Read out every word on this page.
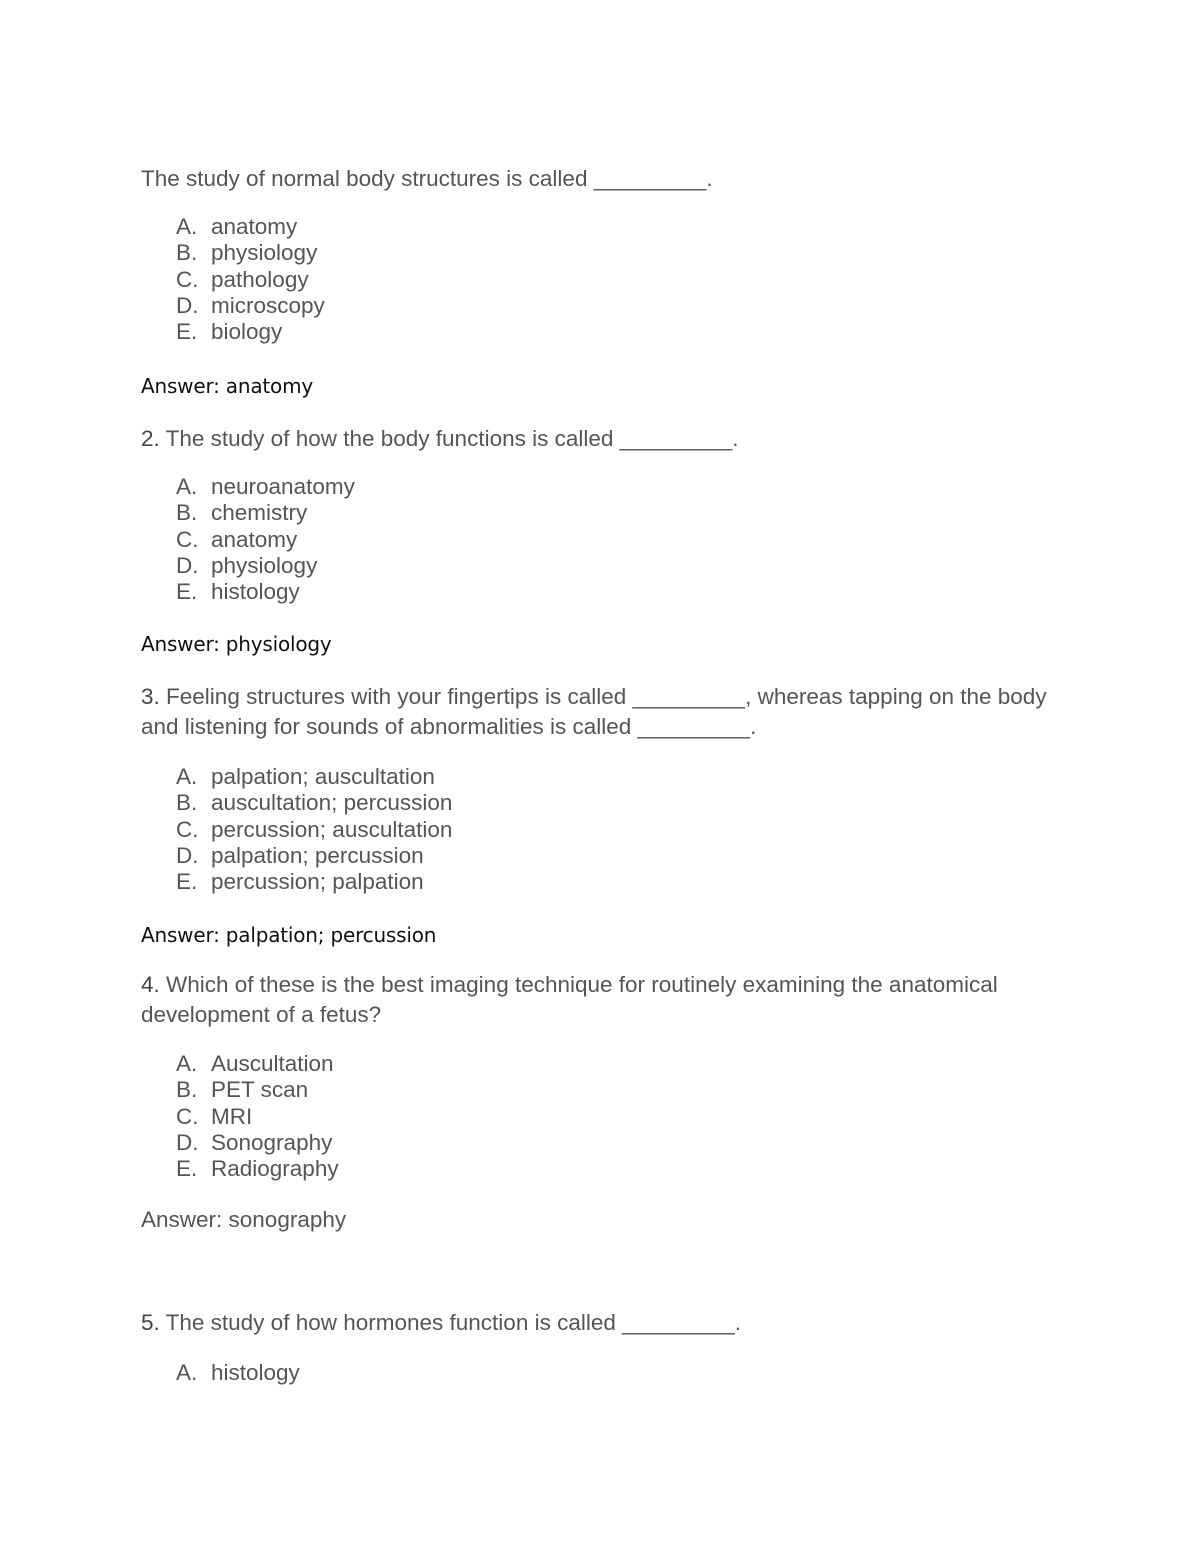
The study of normal body structures is called _________.

A. anatomy
B. physiology
C. pathology
D. microscopy
E. biology

Answer: anatomy

2. The study of how the body functions is called _________.

A. neuroanatomy
B. chemistry
C. anatomy
D. physiology
E. histology

Answer: physiology

3. Feeling structures with your fingertips is called _________, whereas tapping on the body and listening for sounds of abnormalities is called _________.

A. palpation; auscultation
B. auscultation; percussion
C. percussion; auscultation
D. palpation; percussion
E. percussion; palpation

Answer: palpation; percussion

4. Which of these is the best imaging technique for routinely examining the anatomical development of a fetus?

A. Auscultation
B. PET scan
C. MRI
D. Sonography
E. Radiography

Answer: sonography

5. The study of how hormones function is called _________.

A. histology
